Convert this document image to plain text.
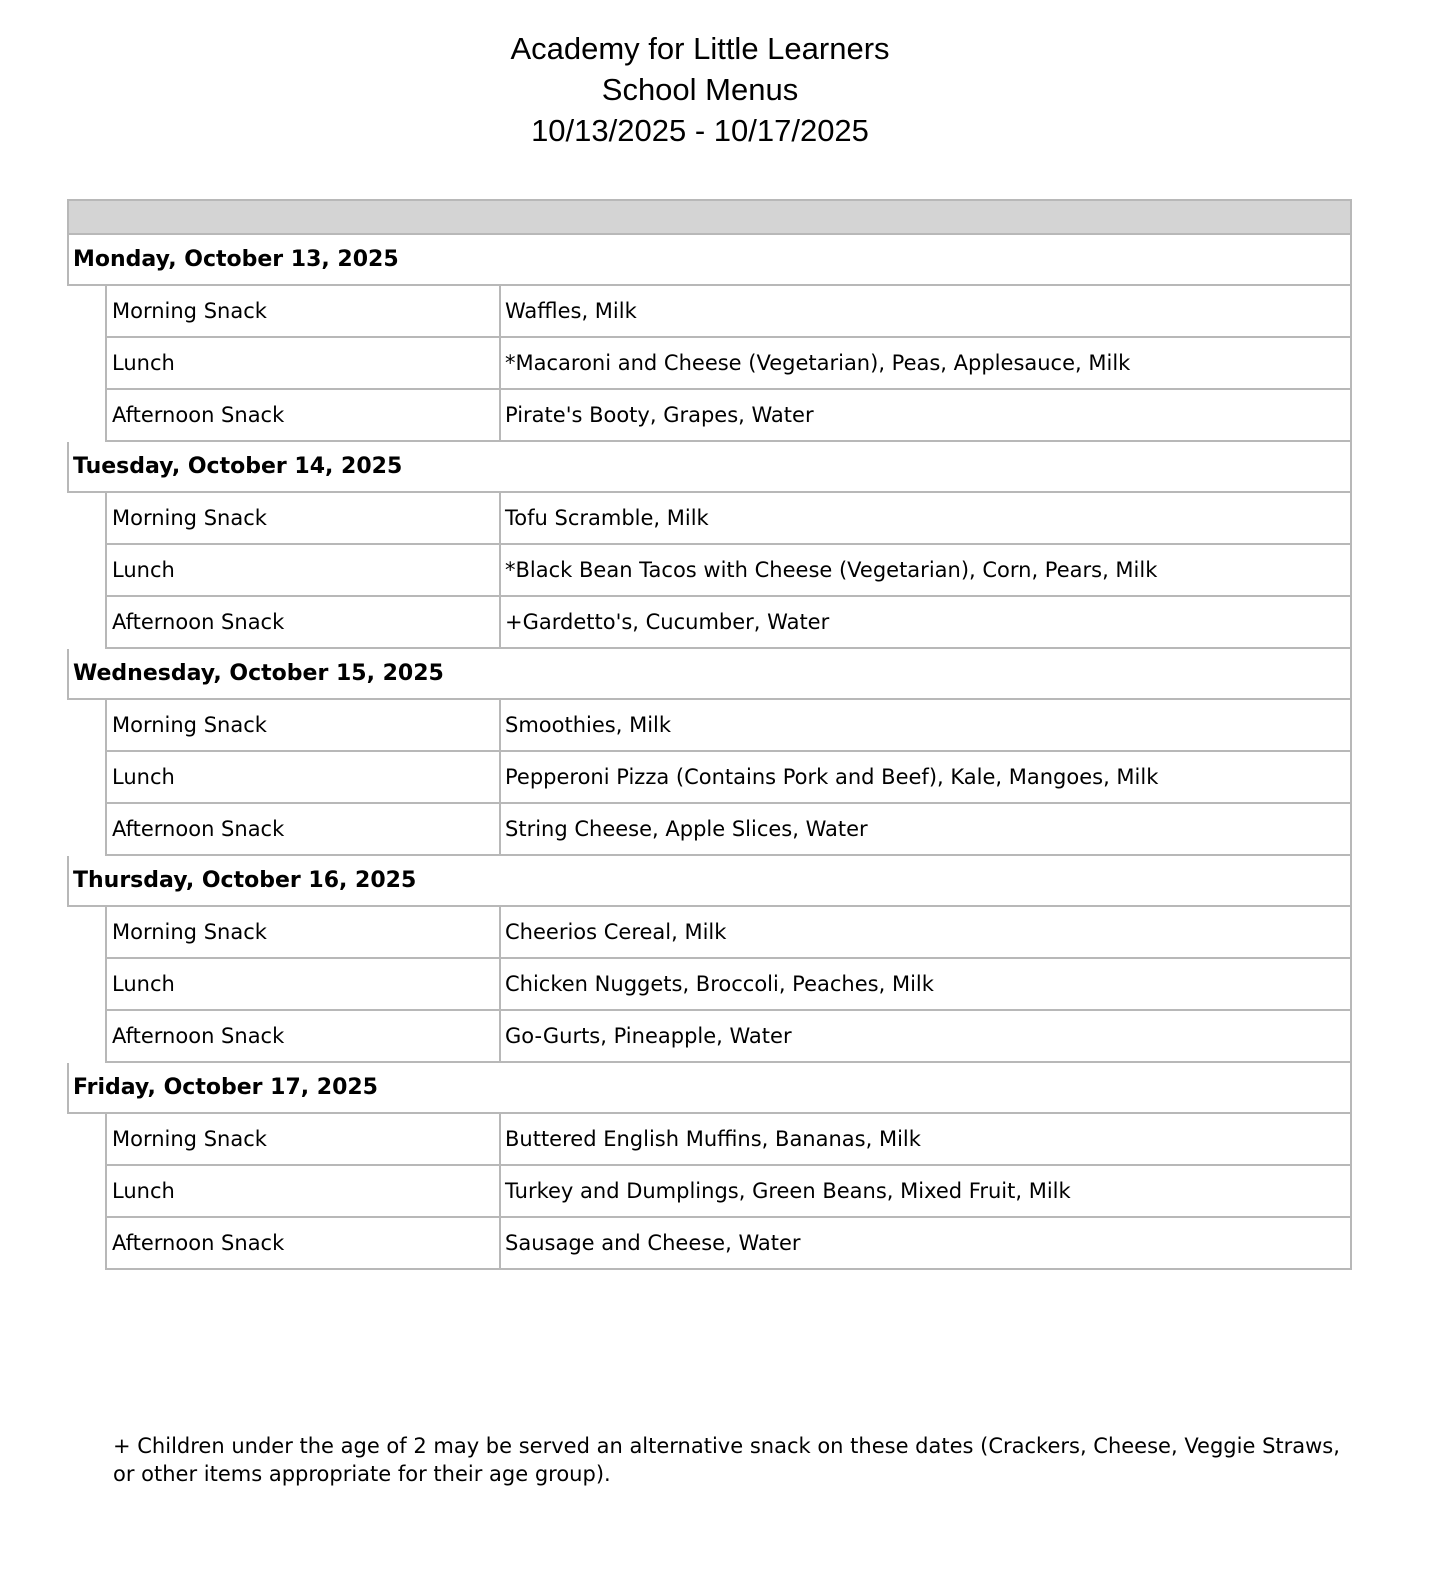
Academy for Little Learners
School Menus
10/13/2025 - 10/17/2025
Monday, October 13, 2025
Morning Snack	Waffles, Milk
Lunch	*Macaroni and Cheese (Vegetarian), Peas, Applesauce, Milk
Afternoon Snack	Pirate's Booty, Grapes, Water
Tuesday, October 14, 2025
Morning Snack	Tofu Scramble, Milk
Lunch	*Black Bean Tacos with Cheese (Vegetarian), Corn, Pears, Milk
Afternoon Snack	+Gardetto's, Cucumber, Water
Wednesday, October 15, 2025
Morning Snack	Smoothies, Milk
Lunch	Pepperoni Pizza (Contains Pork and Beef), Kale, Mangoes, Milk
Afternoon Snack	String Cheese, Apple Slices, Water
Thursday, October 16, 2025
Morning Snack	Cheerios Cereal, Milk
Lunch	Chicken Nuggets, Broccoli, Peaches, Milk
Afternoon Snack	Go-Gurts, Pineapple, Water
Friday, October 17, 2025
Morning Snack	Buttered English Muffins, Bananas, Milk
Lunch	Turkey and Dumplings, Green Beans, Mixed Fruit, Milk
Afternoon Snack	Sausage and Cheese, Water
+ Children under the age of 2 may be served an alternative snack on these dates (Crackers, Cheese, Veggie Straws, or other items appropriate for their age group).
